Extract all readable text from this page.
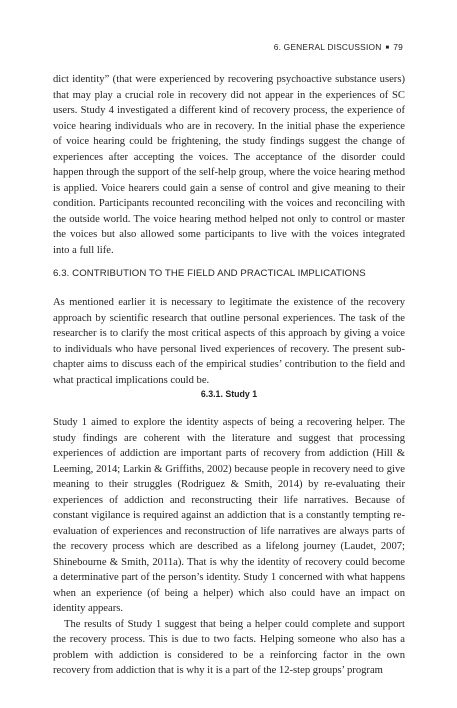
6. GENERAL DISCUSSION ■ 79

dict identity” (that were experienced by recovering psychoactive substance users) that may play a crucial role in recovery did not appear in the experiences of SC users. Study 4 investigated a different kind of recovery process, the experience of voice hearing individuals who are in recovery. In the initial phase the experience of voice hearing could be frightening, the study findings suggest the change of experiences after accepting the voices. The acceptance of the disorder could happen through the support of the self-help group, where the voice hearing method is applied. Voice hearers could gain a sense of control and give meaning to their condition. Participants recounted reconciling with the voices and reconciling with the outside world. The voice hearing method helped not only to control or master the voices but also allowed some participants to live with the voices integrated into a full life.

6.3. CONTRIBUTION TO THE FIELD AND PRACTICAL IMPLICATIONS

As mentioned earlier it is necessary to legitimate the existence of the recovery approach by scientific research that outline personal experiences. The task of the researcher is to clarify the most critical aspects of this approach by giving a voice to individuals who have personal lived experiences of recovery. The present sub-chapter aims to discuss each of the empirical studies’ contribution to the field and what practical implications could be.

6.3.1. Study 1

Study 1 aimed to explore the identity aspects of being a recovering helper. The study findings are coherent with the literature and suggest that processing experiences of addiction are important parts of recovery from addiction (Hill & Leeming, 2014; Larkin & Griffiths, 2002) because people in recovery need to give meaning to their struggles (Rodriguez & Smith, 2014) by re-evaluating their experiences of addiction and reconstructing their life narratives. Because of constant vigilance is required against an addiction that is a constantly tempting re-evaluation of experiences and reconstruction of life narratives are always parts of the recovery process which are described as a lifelong journey (Laudet, 2007; Shinebourne & Smith, 2011a). That is why the identity of recovery could become a determinative part of the person’s identity. Study 1 concerned with what happens when an experience (of being a helper) which also could have an impact on identity appears.

The results of Study 1 suggest that being a helper could complete and support the recovery process. This is due to two facts. Helping someone who also has a problem with addiction is considered to be a reinforcing factor in the own recovery from addiction that is why it is a part of the 12-step groups’ program
